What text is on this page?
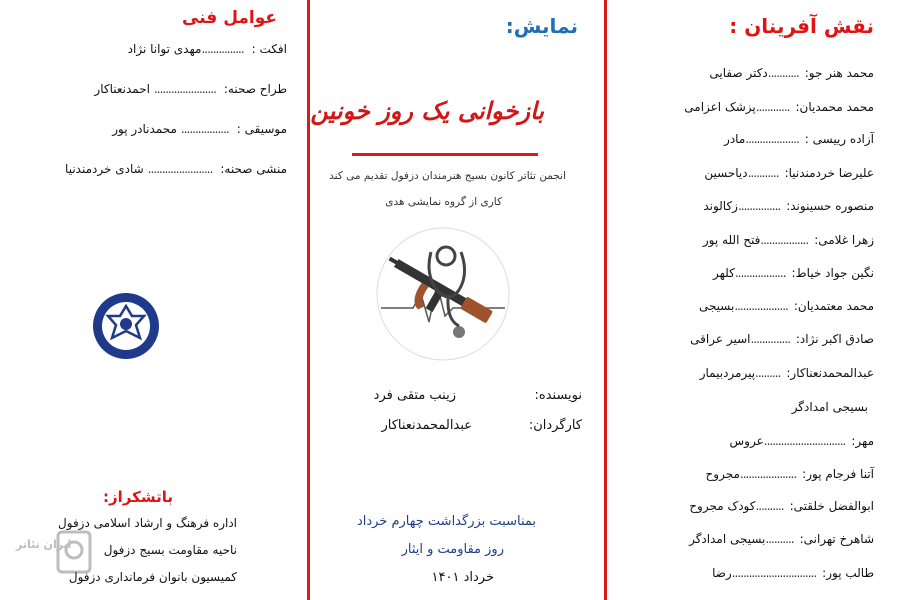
عوامل فنی
افکت :
...............
مهدی توانا نژاد
طراح صحنه:
......................
احمدنعناکار
موسیقی :
.................
محمدنادر پور
منشی صحنه:
.......................
شادی خردمندنیا
باتشکراز:
اداره فرهنگ و ارشاد اسلامی دزفول
ناحیه مقاومت بسیج دزفول
کمیسیون بانوان فرمانداری دزفول
ایران تئاتر
نمایش:
بازخوانی یک روز خونین
انجمن تئاتر کانون بسیج هنرمندان دزفول تقدیم می کند
کاری از گروه نمایشی هدی
نویسنده:
زینب متقی فرد
کارگردان:
عبدالمحمدنعناکار
بمناسبت بزرگداشت چهارم خرداد
روز مقاومت و ایثار
خرداد ۱۴۰۱
نقش آفرینان :
محمد هنر جو:
...........
دکتر صفایی
محمد محمدیان:
............
پزشک اعزامی
آزاده رییسی :
...................
مادر
علیرضا خردمندنیا:
...........
دیاحسین
منصوره حسینوند:
...............
زکالوند
زهرا غلامی:
.................
فتح الله پور
نگین جواد خیاط:
..................
کلهر
محمد معتمدیان:
...................
بسیجی
صادق اکبر نژاد:
..............
اسیر عراقی
عبدالمحمدنعناکار:
.........
پیرمردبیمار
بسیجی امدادگر
مهر:
.............................
عروس
آتنا فرجام پور:
....................
مجروح
ابوالفضل خلقتی:
..........
کودک مجروح
شاهرخ تهرانی:
..........
بسیجی امدادگر
طالب پور:
..............................
رضا
